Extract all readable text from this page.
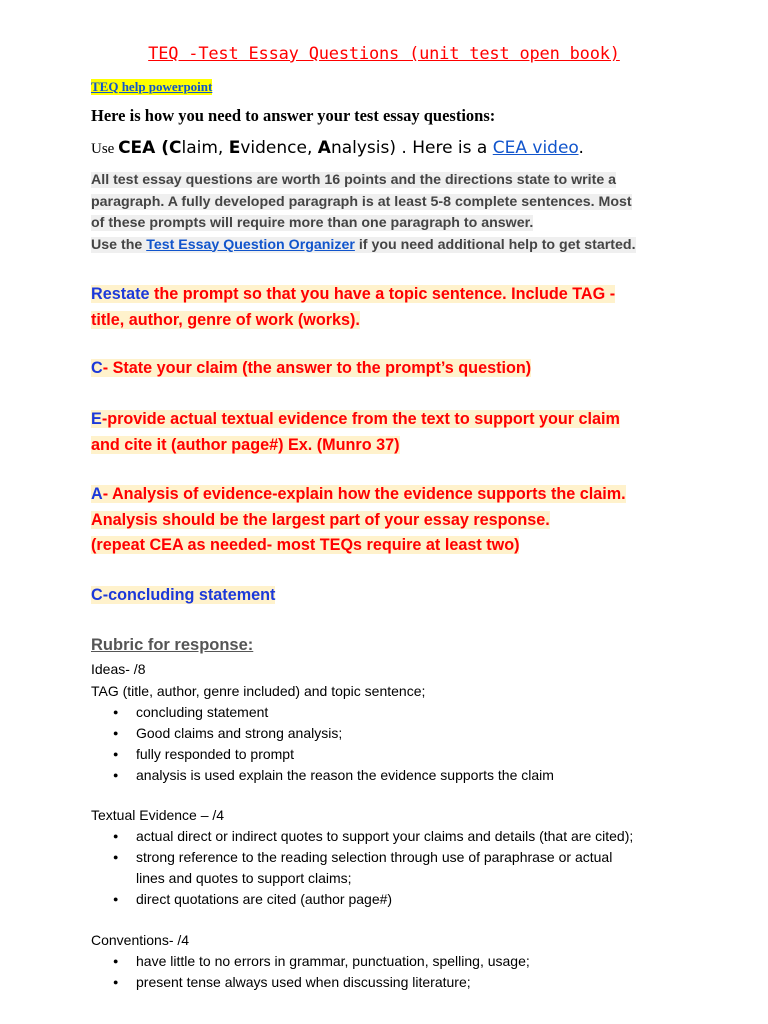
TEQ -Test Essay Questions (unit test open book)
TEQ help powerpoint
Here is how you need to answer your test essay questions:
Use CEA (Claim, Evidence, Analysis) . Here is a CEA video.
All test essay questions are worth 16 points and the directions state to write a
paragraph. A fully developed paragraph is at least 5-8 complete sentences. Most
of these prompts will require more than one paragraph to answer.
Use the Test Essay Question Organizer if you need additional help to get started.
Restate the prompt so that you have a topic sentence. Include TAG -
title, author, genre of work (works).
C- State your claim (the answer to the prompt’s question)
E-provide actual textual evidence from the text to support your claim
and cite it (author page#) Ex. (Munro 37)
A- Analysis of evidence-explain how the evidence supports the claim.
Analysis should be the largest part of your essay response.
(repeat CEA as needed- most TEQs require at least two)
C-concluding statement
Rubric for response:
Ideas- /8
TAG (title, author, genre included) and topic sentence;
● concluding statement
● Good claims and strong analysis;
● fully responded to prompt
● analysis is used explain the reason the evidence supports the claim
Textual Evidence – /4
● actual direct or indirect quotes to support your claims and details (that are cited);
● strong reference to the reading selection through use of paraphrase or actual
lines and quotes to support claims;
● direct quotations are cited (author page#)
Conventions- /4
● have little to no errors in grammar, punctuation, spelling, usage;
● present tense always used when discussing literature;
